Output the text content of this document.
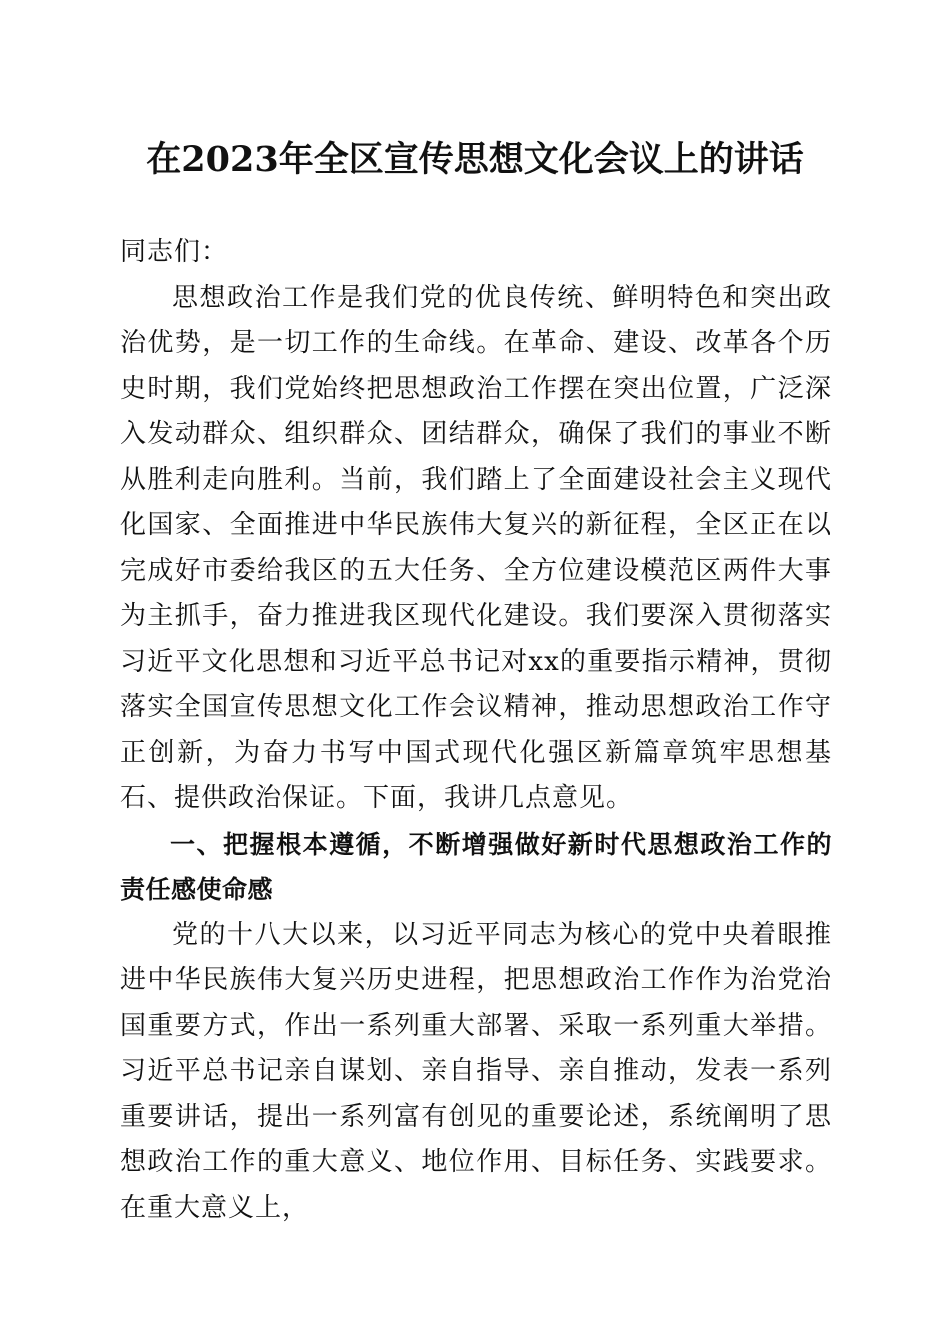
在2023年全区宣传思想文化会议上的讲话

同志们：

思想政治工作是我们党的优良传统、鲜明特色和突出政治优势，是一切工作的生命线。在革命、建设、改革各个历史时期，我们党始终把思想政治工作摆在突出位置，广泛深入发动群众、组织群众、团结群众，确保了我们的事业不断从胜利走向胜利。当前，我们踏上了全面建设社会主义现代化国家、全面推进中华民族伟大复兴的新征程，全区正在以完成好市委给我区的五大任务、全方位建设模范区两件大事为主抓手，奋力推进我区现代化建设。我们要深入贯彻落实习近平文化思想和习近平总书记对xx的重要指示精神，贯彻落实全国宣传思想文化工作会议精神，推动思想政治工作守正创新，为奋力书写中国式现代化强区新篇章筑牢思想基石、提供政治保证。下面，我讲几点意见。

一、把握根本遵循，不断增强做好新时代思想政治工作的责任感使命感

党的十八大以来，以习近平同志为核心的党中央着眼推进中华民族伟大复兴历史进程，把思想政治工作作为治党治国重要方式，作出一系列重大部署、采取一系列重大举措。习近平总书记亲自谋划、亲自指导、亲自推动，发表一系列重要讲话，提出一系列富有创见的重要论述，系统阐明了思想政治工作的重大意义、地位作用、目标任务、实践要求。在重大意义上，
